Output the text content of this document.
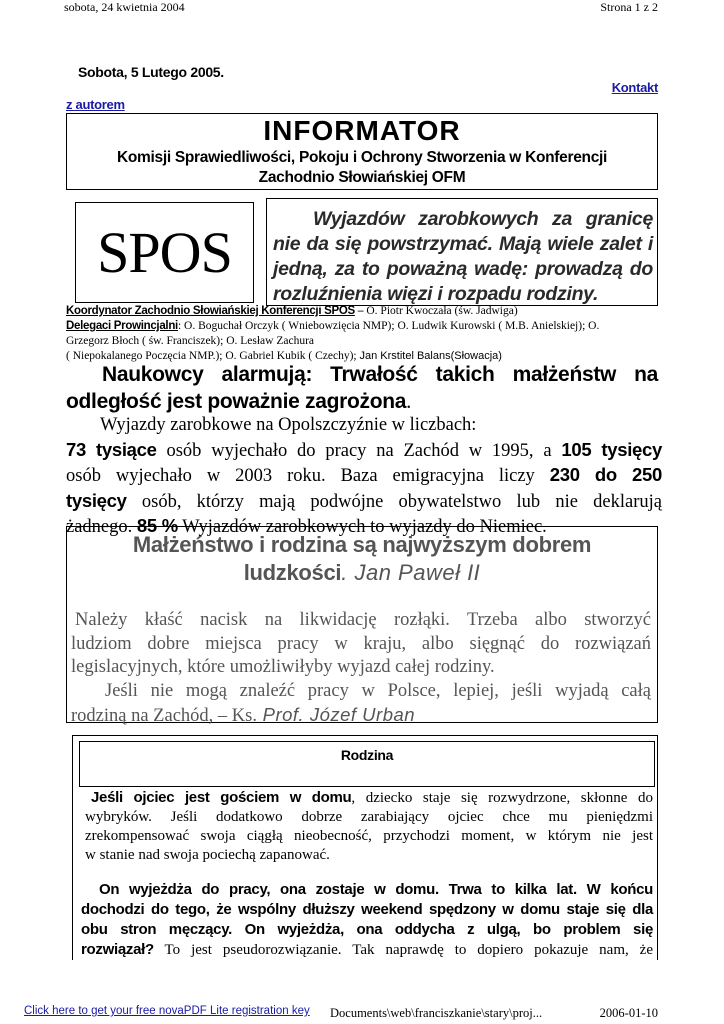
sobota, 24 kwietnia 2004	Strona 1 z 2
Sobota, 5 Lutego 2005.
Kontakt
z autorem
INFORMATOR
Komisji Sprawiedliwości, Pokoju i Ochrony Stworzenia w Konferencji
Zachodnio Słowiańskiej OFM
SPOS
Wyjazdów zarobkowych za granicę nie da się powstrzymać. Mają wiele zalet i jedną, za to poważną wadę: prowadzą do rozluźnienia więzi i rozpadu rodziny.
Koordynator Zachodnio Słowiańskiej Konferencji SPOS – O. Piotr Kwoczała (św. Jadwiga)
Delegaci Prowincjalni: O. Boguchał Orczyk ( Wniebowzięcia NMP); O. Ludwik Kurowski ( M.B. Anielskiej); O.
Grzegorz Błoch ( św. Franciszek); O. Lesław Zachura
( Niepokalanego Poczęcia NMP.); O. Gabriel Kubik ( Czechy); Jan Krstitel Balans(Słowacja)
Naukowcy alarmują: Trwałość takich małżeństw na
odległość jest poważnie zagrożona.
Wyjazdy zarobkowe na Opolszczyźnie w liczbach:
73 tysiące osób wyjechało do pracy na Zachód w 1995, a 105 tysięcy
osób wyjechało w 2003 roku. Baza emigracyjna liczy 230 do 250
tysięcy osób, którzy mają podwójne obywatelstwo lub nie deklarują
żadnego. 85 % Wyjazdów zarobkowych to wyjazdy do Niemiec.
Małżeństwo i rodzina są najwyższym dobrem
ludzkości. Jan Paweł II
Należy kłaść nacisk na likwidację rozłąki. Trzeba albo stworzyć
ludziom dobre miejsca pracy w kraju, albo sięgnąć do rozwiązań
legislacyjnych, które umożliwiłyby wyjazd całej rodziny.
Jeśli nie mogą znaleźć pracy w Polsce, lepiej, jeśli wyjadą całą
rodziną na Zachód, – Ks. Prof. Józef Urban
Rodzina
Jeśli ojciec jest gościem w domu, dziecko staje się rozwydrzone, skłonne do
wybryków. Jeśli dodatkowo dobrze zarabiający ojciec chce mu pieniędzmi
zrekompensować swoja ciągłą nieobecność, przychodzi moment, w którym nie jest
w stanie nad swoja pociechą zapanować.
On wyjeżdża do pracy, ona zostaje w domu. Trwa to kilka lat. W końcu
dochodzi do tego, że wspólny dłuższy weekend spędzony w domu staje się dla
obu stron męczący. On wyjeżdża, ona oddycha z ulgą, bo problem się
rozwiązał? To jest pseudorozwiązanie. Tak naprawdę to dopiero pokazuje nam, że
Click here to get your free novaPDF Lite registration key	Documents\web\franciszkanie\stary\proj...	2006-01-10
